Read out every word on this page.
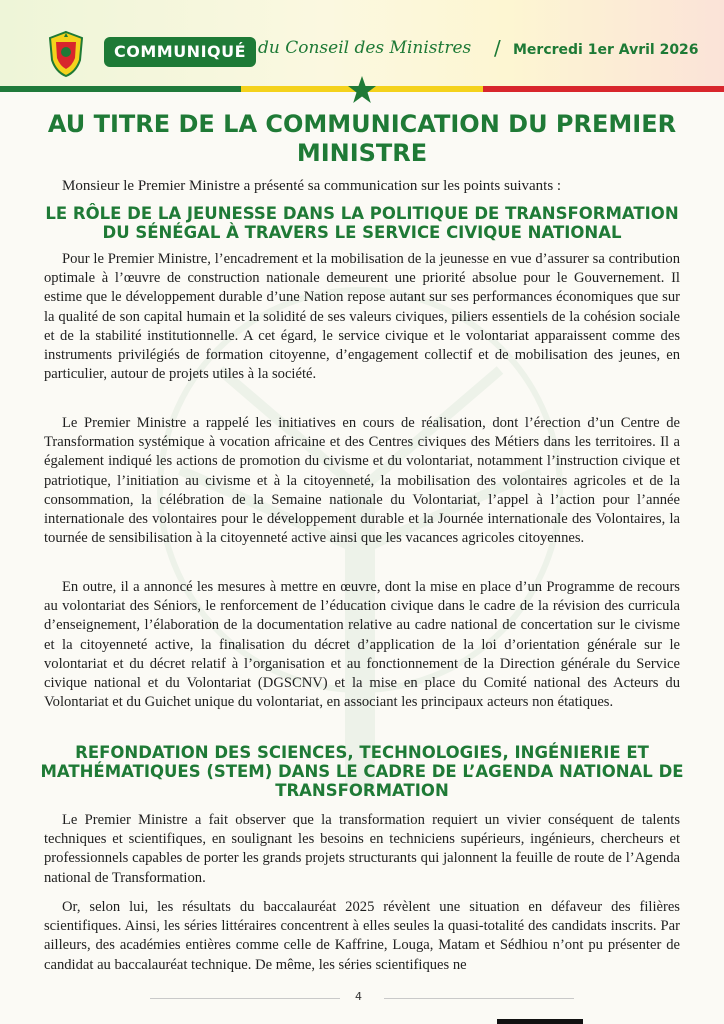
COMMUNIQUÉ du Conseil des Ministres / Mercredi 1er Avril 2026
AU TITRE DE LA COMMUNICATION DU PREMIER MINISTRE
Monsieur le Premier Ministre a présenté sa communication sur les points suivants :
LE RÔLE DE LA JEUNESSE DANS LA POLITIQUE DE TRANSFORMATION DU SÉNÉGAL À TRAVERS LE SERVICE CIVIQUE NATIONAL

Pour le Premier Ministre, l’encadrement et la mobilisation de la jeunesse en vue d’assurer sa contribution optimale à l’œuvre de construction nationale demeurent une priorité absolue pour le Gouvernement. Il estime que le développement durable d’une Nation repose autant sur ses performances économiques que sur la qualité de son capital humain et la solidité de ses valeurs civiques, piliers essentiels de la cohésion sociale et de la stabilité institutionnelle. A cet égard, le service civique et le volontariat apparaissent comme des instruments privilégiés de formation citoyenne, d’engagement collectif et de mobilisation des jeunes, en particulier, autour de projets utiles à la société.

Le Premier Ministre a rappelé les initiatives en cours de réalisation, dont l’érection d’un Centre de Transformation systémique à vocation africaine et des Centres civiques des Métiers dans les territoires. Il a également indiqué les actions de promotion du civisme et du volontariat, notamment l’instruction civique et patriotique, l’initiation au civisme et à la citoyenneté, la mobilisation des volontaires agricoles et de la consommation, la célébration de la Semaine nationale du Volontariat, l’appel à l’action pour l’année internationale des volontaires pour le développement durable et la Journée internationale des Volontaires, la tournée de sensibilisation à la citoyenneté active ainsi que les vacances agricoles citoyennes.

En outre, il a annoncé les mesures à mettre en œuvre, dont la mise en place d’un Programme de recours au volontariat des Séniors, le renforcement de l’éducation civique dans le cadre de la révision des curricula d’enseignement, l’élaboration de la documentation relative au cadre national de concertation sur le civisme et la citoyenneté active, la finalisation du décret d’application de la loi d’orientation générale sur le volontariat et du décret relatif à l’organisation et au fonctionnement de la Direction générale du Service civique national et du Volontariat (DGSCNV) et la mise en place du Comité national des Acteurs du Volontariat et du Guichet unique du volontariat, en associant les principaux acteurs non étatiques.

REFONDATION DES SCIENCES, TECHNOLOGIES, INGÉNIERIE ET MATHÉMATIQUES (STEM) DANS LE CADRE DE L’AGENDA NATIONAL DE TRANSFORMATION

Le Premier Ministre a fait observer que la transformation requiert un vivier conséquent de talents techniques et scientifiques, en soulignant les besoins en techniciens supérieurs, ingénieurs, chercheurs et professionnels capables de porter les grands projets structurants qui jalonnent la feuille de route de l’Agenda national de Transformation.

Or, selon lui, les résultats du baccalauréat 2025 révèlent une situation en défaveur des filières scientifiques. Ainsi, les séries littéraires concentrent à elles seules la quasi-totalité des candidats inscrits. Par ailleurs, des académies entières comme celle de Kaffrine, Louga, Matam et Sédhiou n’ont pu présenter de candidat au baccalauréat technique. De même, les séries scientifiques ne

4
